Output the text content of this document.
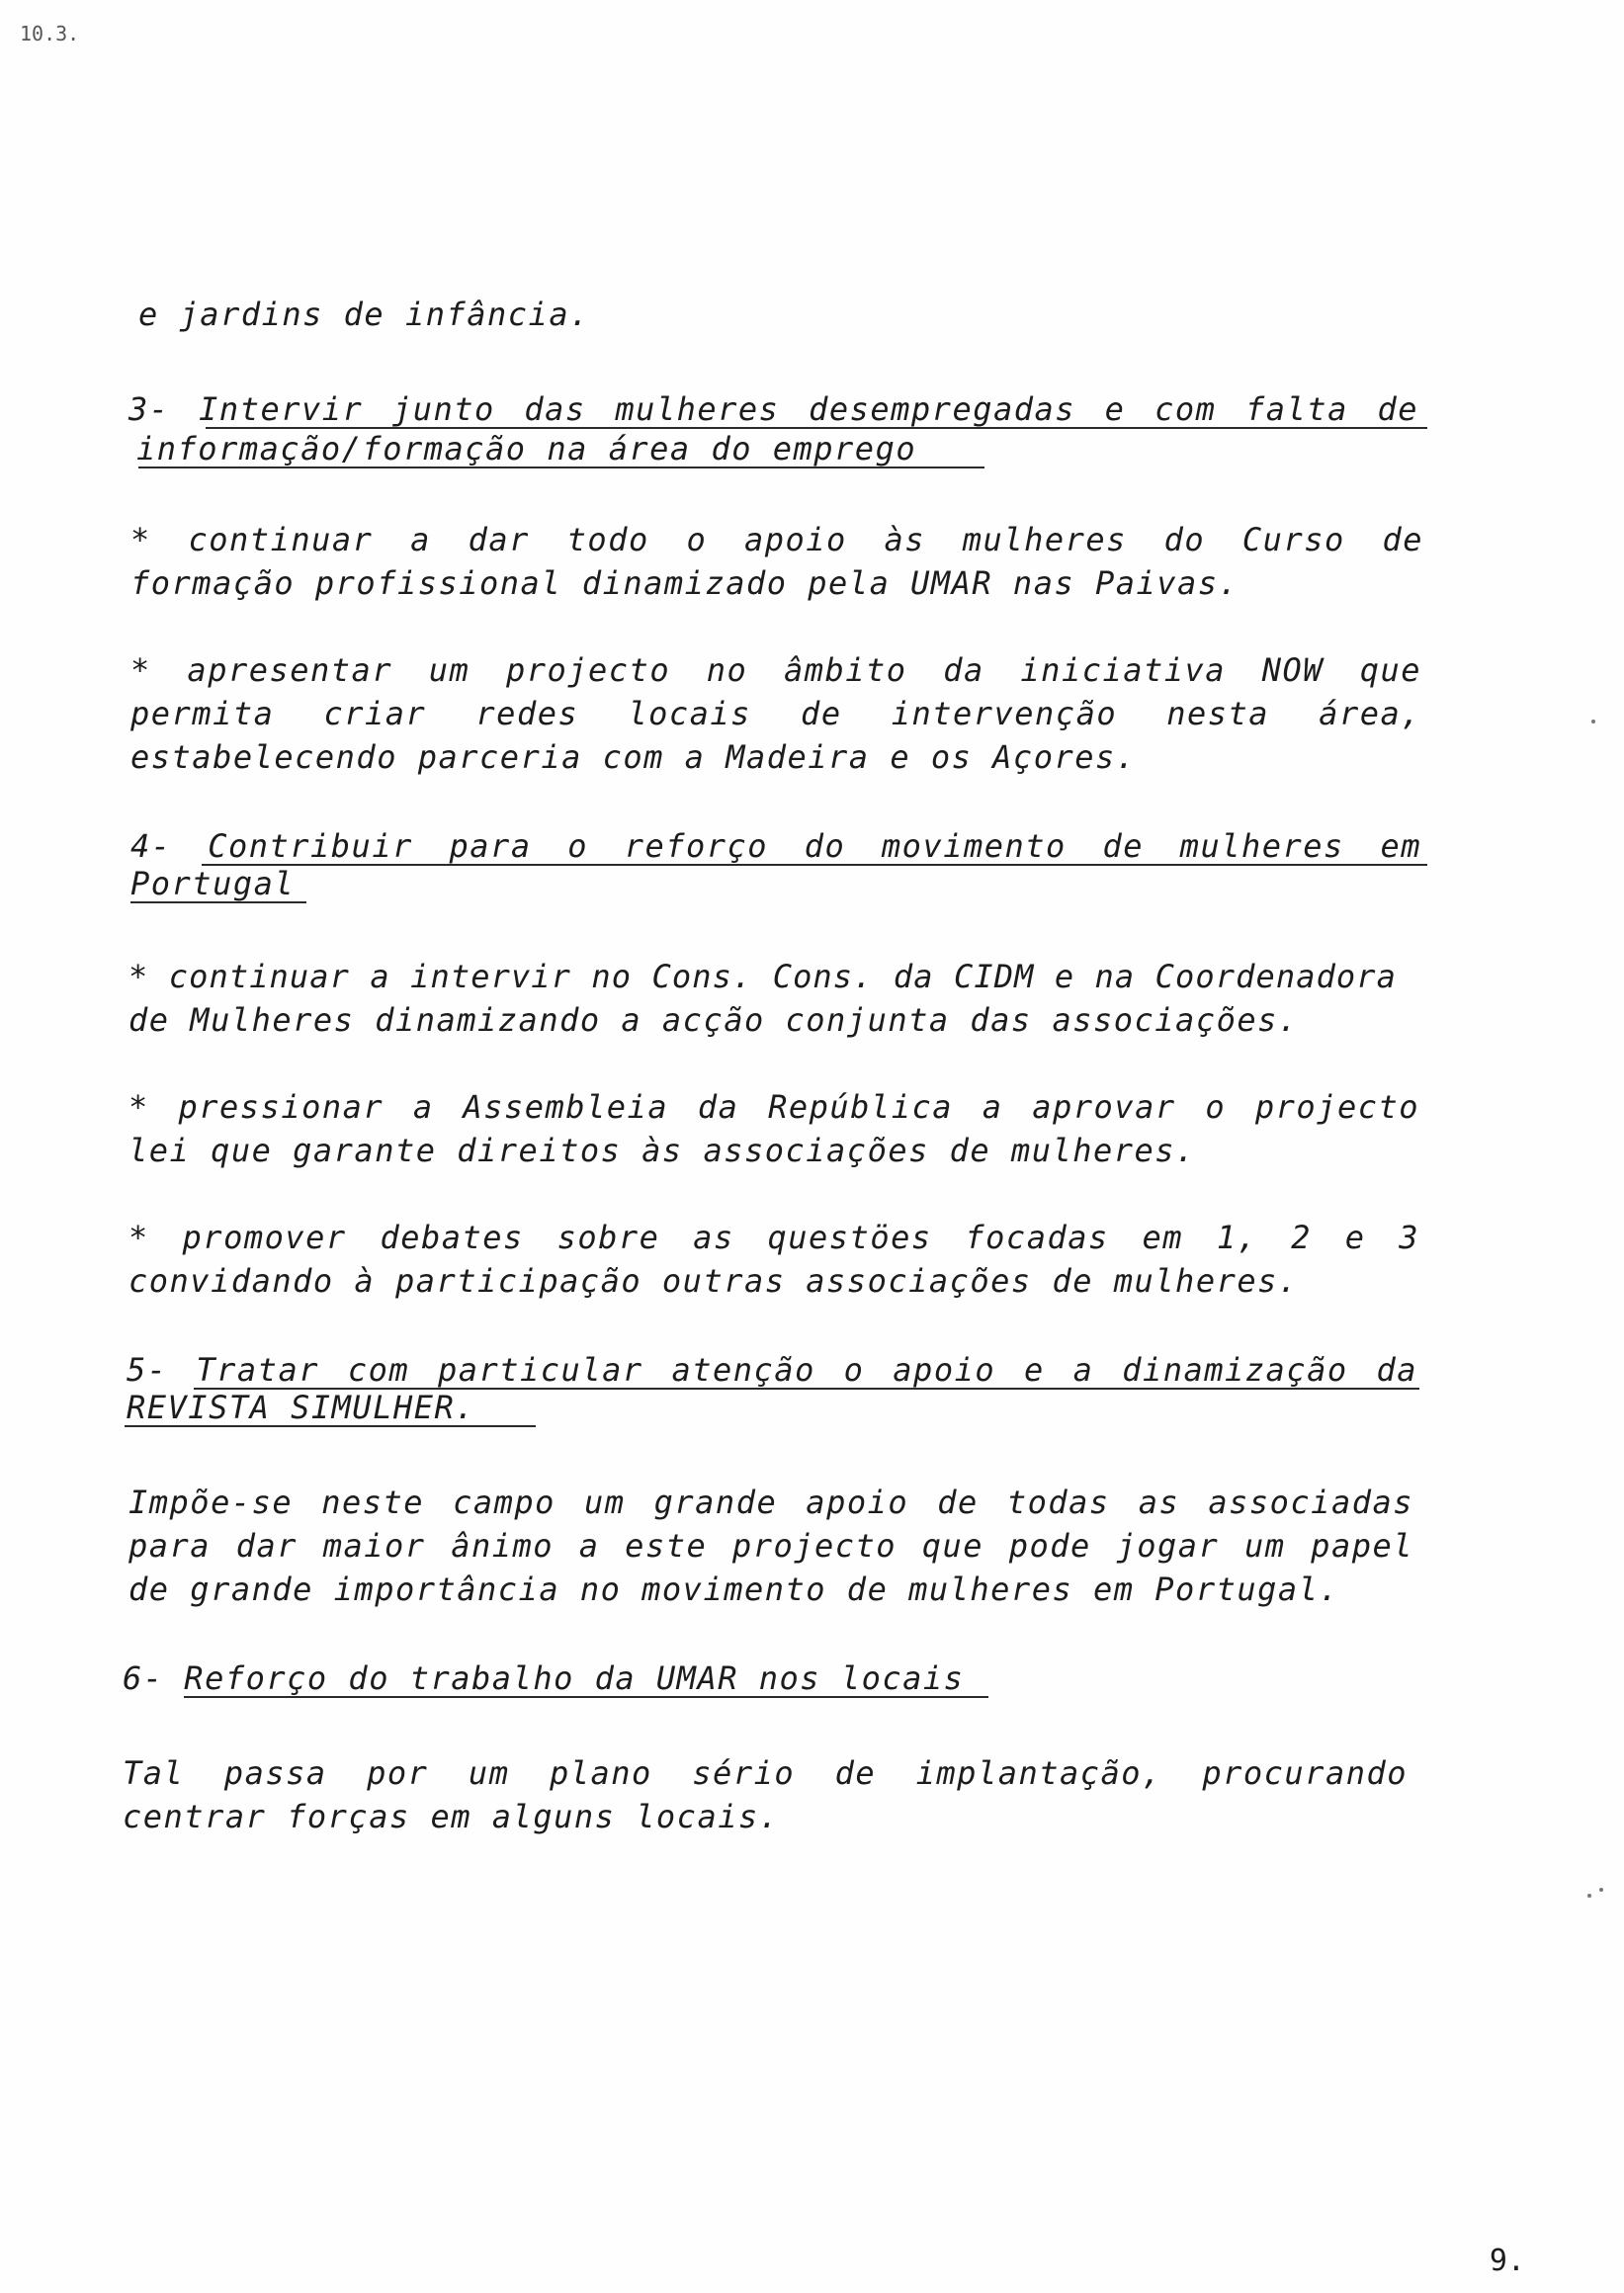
10.3.
e jardins de infância.
3- Intervir junto das mulheres desempregadas e com falta de
informação/formação na área do emprego
* continuar a dar todo o apoio às mulheres do Curso de
formação profissional dinamizado pela UMAR nas Paivas.
* apresentar um projecto no âmbito da iniciativa NOW que
permita criar redes locais de intervenção nesta área,
estabelecendo parceria com a Madeira e os Açores.
4- Contribuir para o reforço do movimento de mulheres em
Portugal
* continuar a intervir no Cons. Cons. da CIDM e na Coordenadora
de Mulheres dinamizando a acção conjunta das associações.
* pressionar a Assembleia da República a aprovar o projecto
lei que garante direitos às associações de mulheres.
* promover debates sobre as questöes focadas em 1, 2 e 3
convidando à participação outras associações de mulheres.
5- Tratar com particular atenção o apoio e a dinamização da
REVISTA SIMULHER.
Impõe-se neste campo um grande apoio de todas as associadas
para dar maior ânimo a este projecto que pode jogar um papel
de grande importância no movimento de mulheres em Portugal.
6- Reforço do trabalho da UMAR nos locais
Tal passa por um plano sério de implantação, procurando
centrar forças em alguns locais.
9.
